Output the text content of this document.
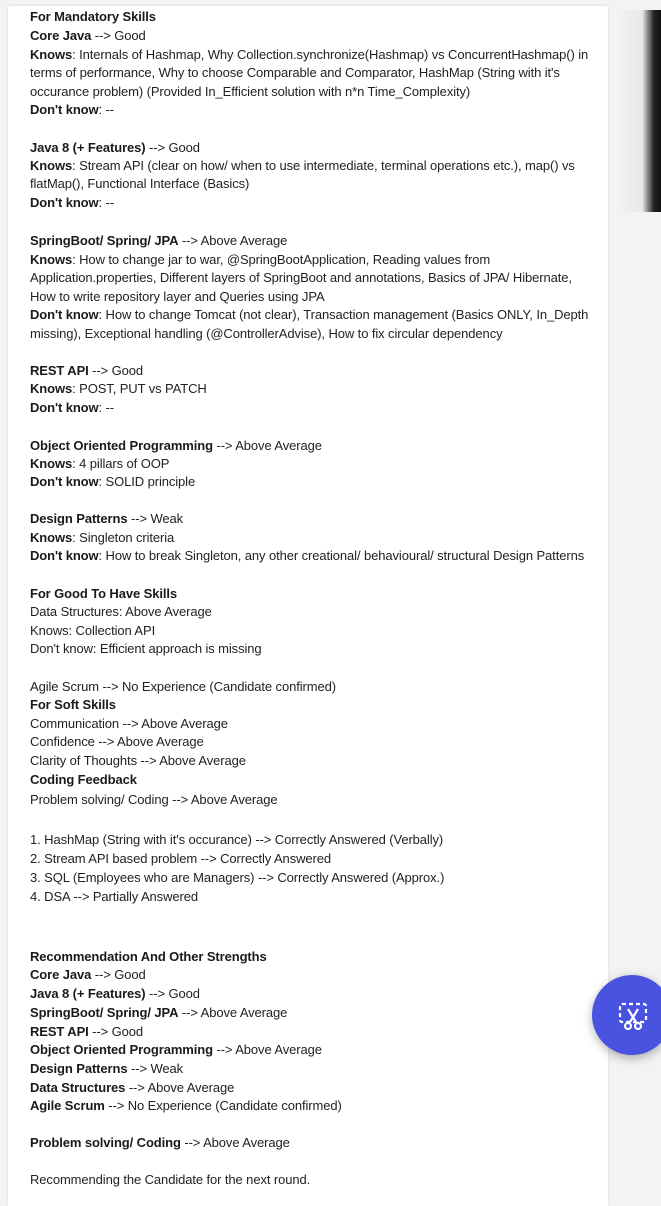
For Mandatory Skills
Core Java --> Good
Knows: Internals of Hashmap, Why Collection.synchronize(Hashmap) vs ConcurrentHashmap() in
terms of performance, Why to choose Comparable and Comparator, HashMap (String with it's
occurance problem) (Provided In_Efficient solution with n*n Time_Complexity)
Don't know: --
Java 8 (+ Features) --> Good
Knows: Stream API (clear on how/ when to use intermediate, terminal operations etc.), map() vs
flatMap(), Functional Interface (Basics)
Don't know: --
SpringBoot/ Spring/ JPA --> Above Average
Knows: How to change jar to war, @SpringBootApplication, Reading values from
Application.properties, Different layers of SpringBoot and annotations, Basics of JPA/ Hibernate,
How to write repository layer and Queries using JPA
Don't know: How to change Tomcat (not clear), Transaction management (Basics ONLY, In_Depth
missing), Exceptional handling (@ControllerAdvise), How to fix circular dependency
REST API --> Good
Knows: POST, PUT vs PATCH
Don't know: --
Object Oriented Programming --> Above Average
Knows: 4 pillars of OOP
Don't know: SOLID principle
Design Patterns --> Weak
Knows: Singleton criteria
Don't know: How to break Singleton, any other creational/ behavioural/ structural Design Patterns
For Good To Have Skills
Data Structures: Above Average
Knows: Collection API
Don't know: Efficient approach is missing
Agile Scrum --> No Experience (Candidate confirmed)
For Soft Skills
Communication --> Above Average
Confidence --> Above Average
Clarity of Thoughts --> Above Average
Coding Feedback
Problem solving/ Coding --> Above Average
1. HashMap (String with it's occurance) --> Correctly Answered (Verbally)
2. Stream API based problem --> Correctly Answered
3. SQL (Employees who are Managers) --> Correctly Answered (Approx.)
4. DSA --> Partially Answered
Recommendation And Other Strengths
Core Java --> Good
Java 8 (+ Features) --> Good
SpringBoot/ Spring/ JPA --> Above Average
REST API --> Good
Object Oriented Programming --> Above Average
Design Patterns --> Weak
Data Structures --> Above Average
Agile Scrum --> No Experience (Candidate confirmed)
Problem solving/ Coding --> Above Average
Recommending the Candidate for the next round.
